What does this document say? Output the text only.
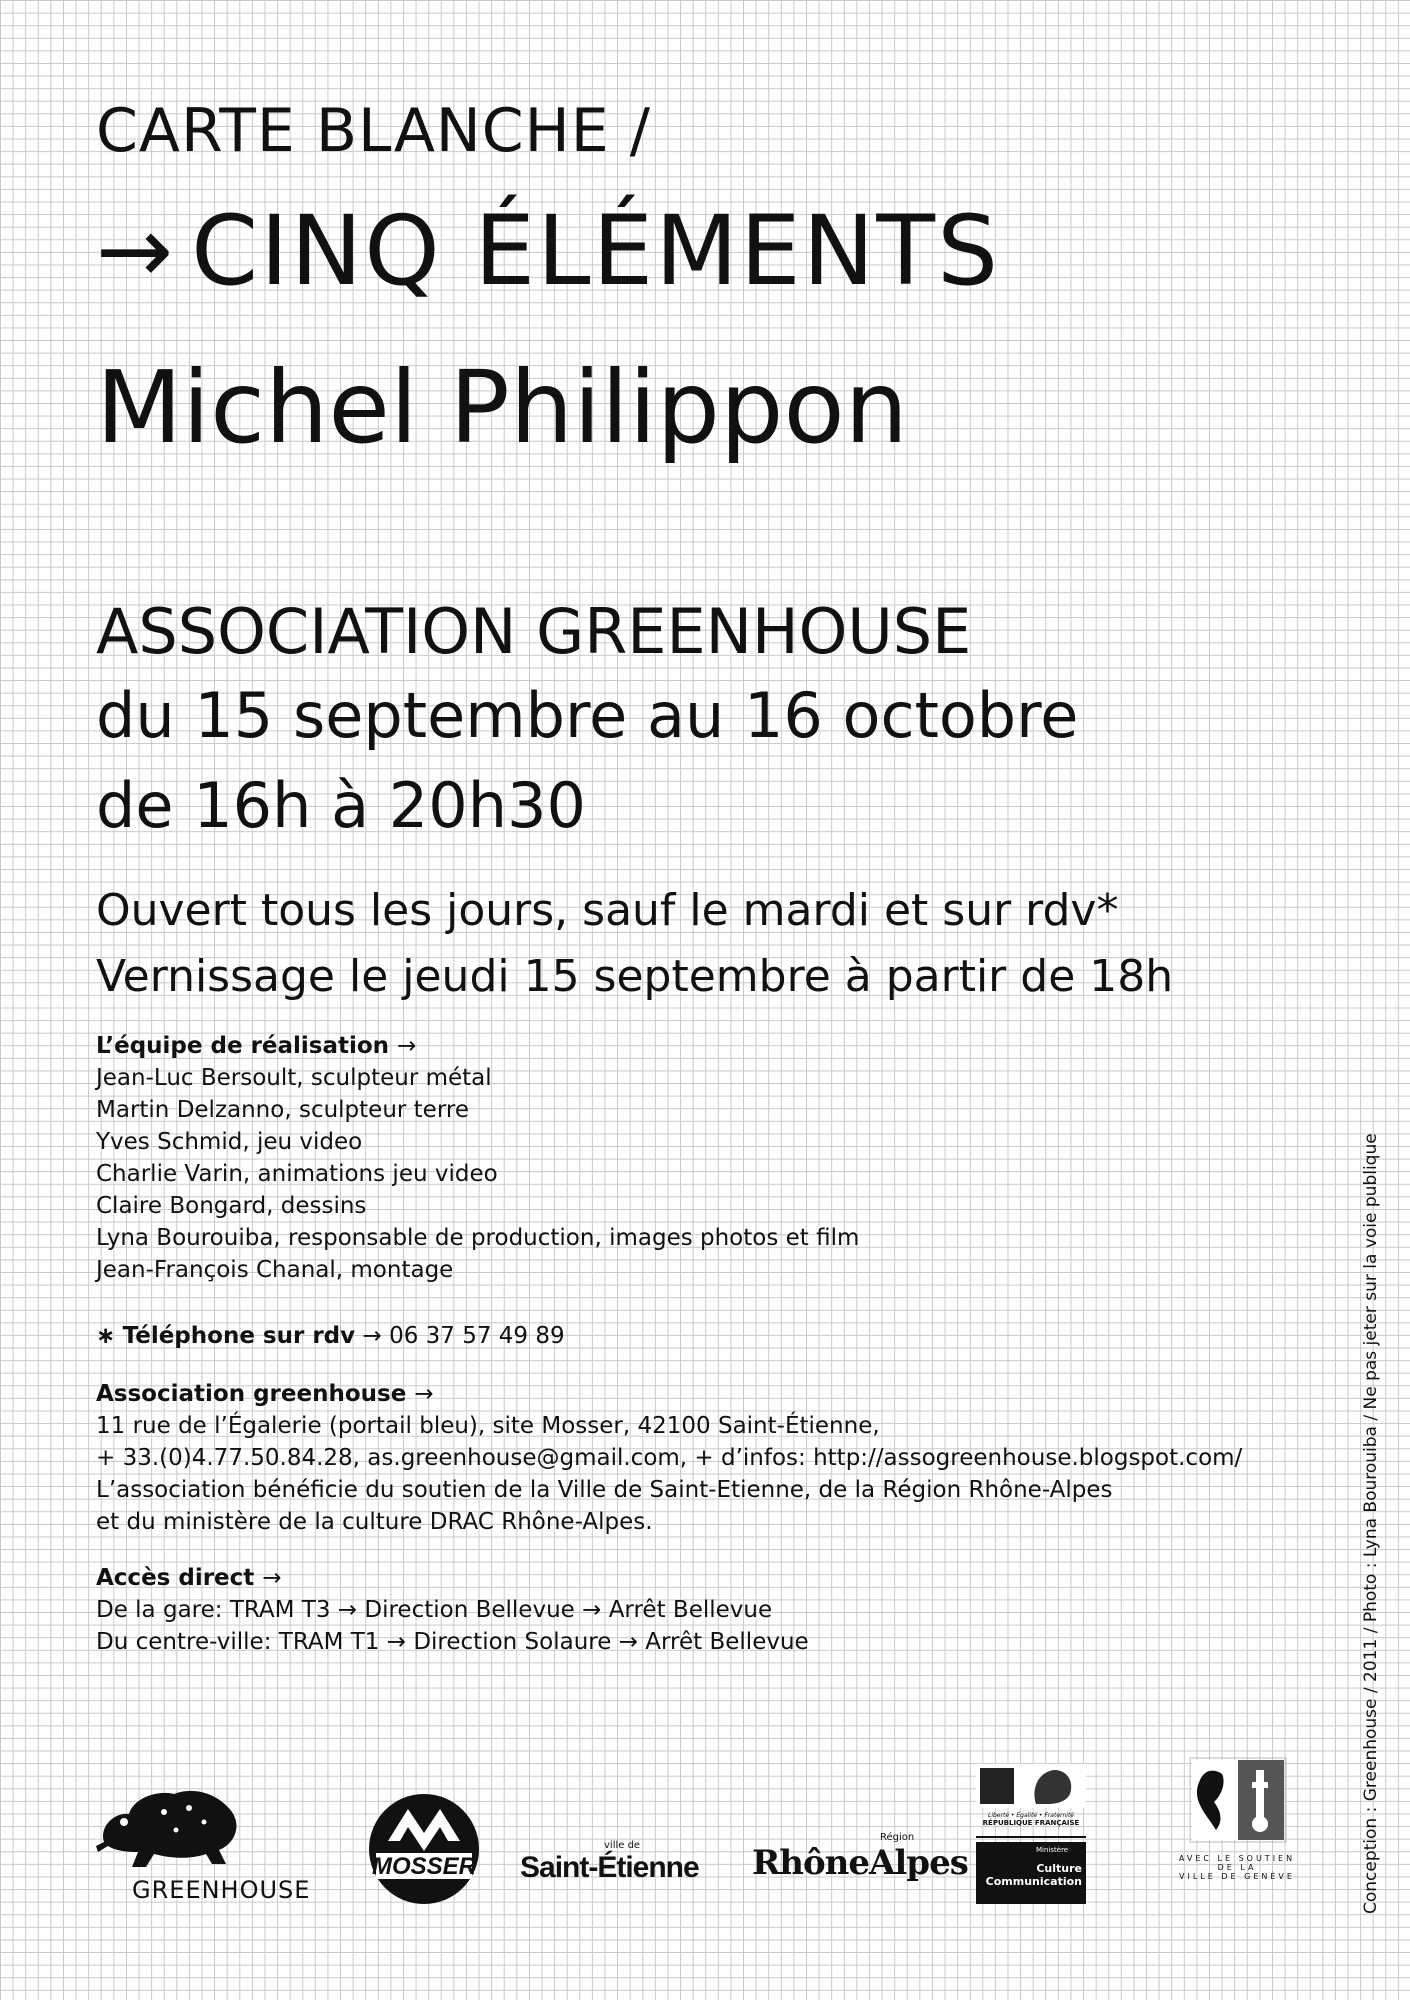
CARTE BLANCHE /
→ CINQ ÉLÉMENTS
Michel Philippon
ASSOCIATION GREENHOUSE
du 15 septembre au 16 octobre
de 16h à 20h30
Ouvert tous les jours, sauf le mardi et sur rdv*
Vernissage le jeudi 15 septembre à partir de 18h
L’équipe de réalisation →
Jean-Luc Bersoult, sculpteur métal
Martin Delzanno, sculpteur terre
Yves Schmid, jeu video
Charlie Varin, animations jeu video
Claire Bongard, dessins
Lyna Bourouiba, responsable de production, images photos et film
Jean-François Chanal, montage
∗ Téléphone sur rdv → 06 37 57 49 89
Association greenhouse →
11 rue de l’Égalerie (portail bleu), site Mosser, 42100 Saint-Étienne,
+ 33.(0)4.77.50.84.28, as.greenhouse@gmail.com, + d’infos: http://assogreenhouse.blogspot.com/
L’association bénéficie du soutien de la Ville de Saint-Etienne, de la Région Rhône-Alpes
et du ministère de la culture DRAC Rhône-Alpes.
Accès direct →
De la gare: TRAM T3 → Direction Bellevue → Arrêt Bellevue
Du centre-ville: TRAM T1 → Direction Solaure → Arrêt Bellevue	Conception : Greenhouse / 2011 / Photo : Lyna Bourouiba / Ne pas jeter sur la voie publique
GREENHOUSE
MOSSER
ville de
Saint-Étienne
Région
RhôneAlpes
Liberté • Égalité • Fraternité
RÉPUBLIQUE FRANÇAISE
Ministère
Culture
Communication
AVEC LE SOUTIEN
DE LA
VILLE DE GENÈVE
